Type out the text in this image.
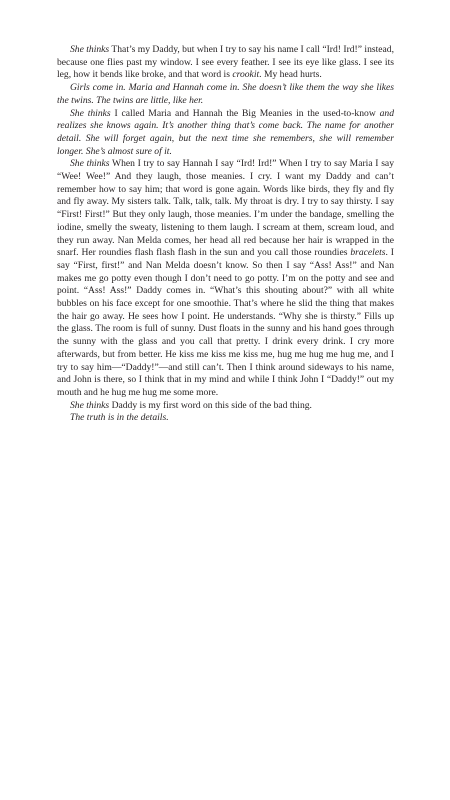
She thinks That’s my Daddy, but when I try to say his name I call “Ird! Ird!” instead, because one flies past my window. I see every feather. I see its eye like glass. I see its leg, how it bends like broke, and that word is crookit. My head hurts.

Girls come in. Maria and Hannah come in. She doesn’t like them the way she likes the twins. The twins are little, like her.

She thinks I called Maria and Hannah the Big Meanies in the used-to-know and realizes she knows again. It’s another thing that’s come back. The name for another detail. She will forget again, but the next time she remembers, she will remember longer. She’s almost sure of it.

She thinks When I try to say Hannah I say “Ird! Ird!” When I try to say Maria I say “Wee! Wee!” And they laugh, those meanies. I cry. I want my Daddy and can’t remember how to say him; that word is gone again. Words like birds, they fly and fly and fly away. My sisters talk. Talk, talk, talk. My throat is dry. I try to say thirsty. I say “First! First!” But they only laugh, those meanies. I’m under the bandage, smelling the iodine, smelly the sweaty, listening to them laugh. I scream at them, scream loud, and they run away. Nan Melda comes, her head all red because her hair is wrapped in the snarf. Her roundies flash flash flash in the sun and you call those roundies bracelets. I say “First, first!” and Nan Melda doesn’t know. So then I say “Ass! Ass!” and Nan makes me go potty even though I don’t need to go potty. I’m on the potty and see and point. “Ass! Ass!” Daddy comes in. “What’s this shouting about?” with all white bubbles on his face except for one smoothie. That’s where he slid the thing that makes the hair go away. He sees how I point. He understands. “Why she is thirsty.” Fills up the glass. The room is full of sunny. Dust floats in the sunny and his hand goes through the sunny with the glass and you call that pretty. I drink every drink. I cry more afterwards, but from better. He kiss me kiss me kiss me, hug me hug me hug me, and I try to say him—“Daddy!”—and still can’t. Then I think around sideways to his name, and John is there, so I think that in my mind and while I think John I “Daddy!” out my mouth and he hug me hug me some more.

She thinks Daddy is my first word on this side of the bad thing.

The truth is in the details.
